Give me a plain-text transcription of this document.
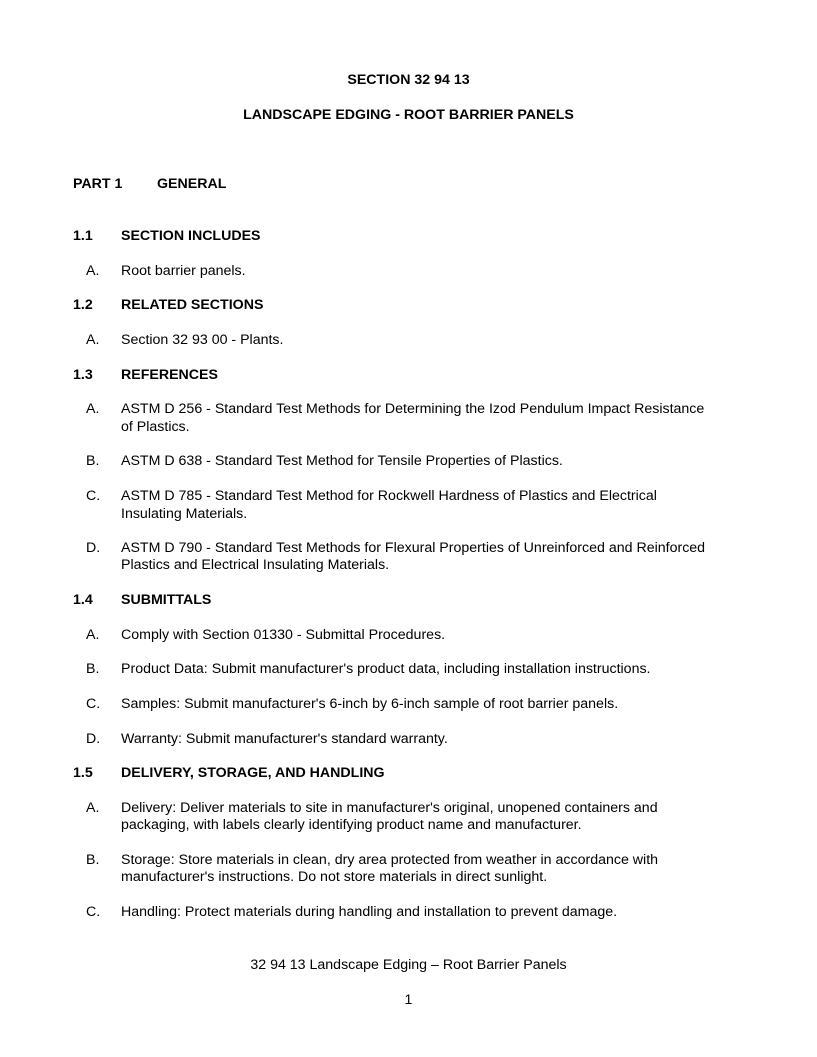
SECTION 32 94 13
LANDSCAPE EDGING - ROOT BARRIER PANELS
PART 1 GENERAL
1.1 SECTION INCLUDES
A. Root barrier panels.
1.2 RELATED SECTIONS
A. Section 32 93 00 - Plants.
1.3 REFERENCES
A. ASTM D 256 - Standard Test Methods for Determining the Izod Pendulum Impact Resistance
of Plastics.
B. ASTM D 638 - Standard Test Method for Tensile Properties of Plastics.
C. ASTM D 785 - Standard Test Method for Rockwell Hardness of Plastics and Electrical
Insulating Materials.
D. ASTM D 790 - Standard Test Methods for Flexural Properties of Unreinforced and Reinforced
Plastics and Electrical Insulating Materials.
1.4 SUBMITTALS
A. Comply with Section 01330 - Submittal Procedures.
B. Product Data: Submit manufacturer's product data, including installation instructions.
C. Samples: Submit manufacturer's 6-inch by 6-inch sample of root barrier panels.
D. Warranty: Submit manufacturer's standard warranty.
1.5 DELIVERY, STORAGE, AND HANDLING
A. Delivery: Deliver materials to site in manufacturer's original, unopened containers and
packaging, with labels clearly identifying product name and manufacturer.
B. Storage: Store materials in clean, dry area protected from weather in accordance with
manufacturer's instructions. Do not store materials in direct sunlight.
C. Handling: Protect materials during handling and installation to prevent damage.
32 94 13 Landscape Edging – Root Barrier Panels
1
